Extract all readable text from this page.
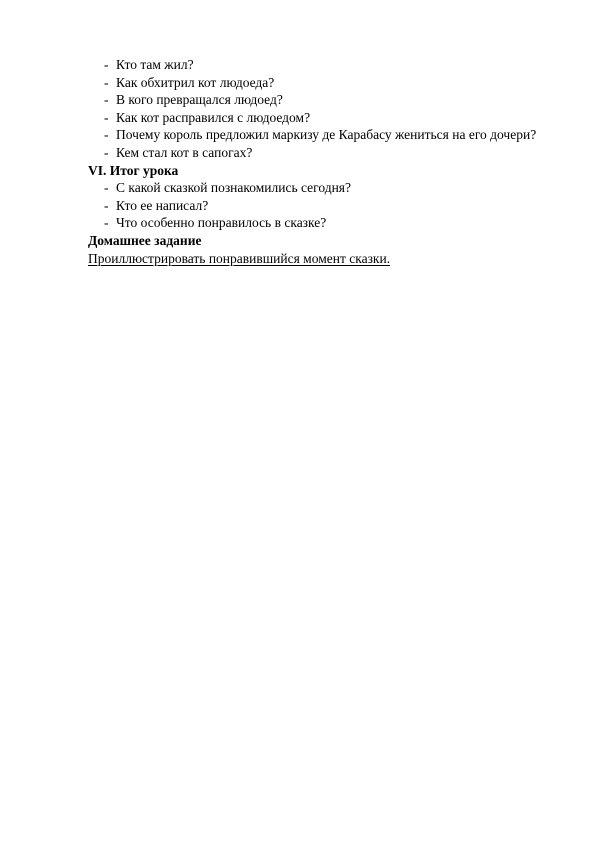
- Кто там жил?
- Как обхитрил кот людоеда?
- В кого превращался людоед?
- Как кот расправился с людоедом?
- Почему король предложил маркизу де Карабасу жениться на его дочери?
- Кем стал кот в сапогах?
VI. Итог урока
- С какой сказкой познакомились сегодня?
- Кто ее написал?
- Что особенно понравилось в сказке?
Домашнее задание
Проиллюстрировать понравившийся момент сказки.
